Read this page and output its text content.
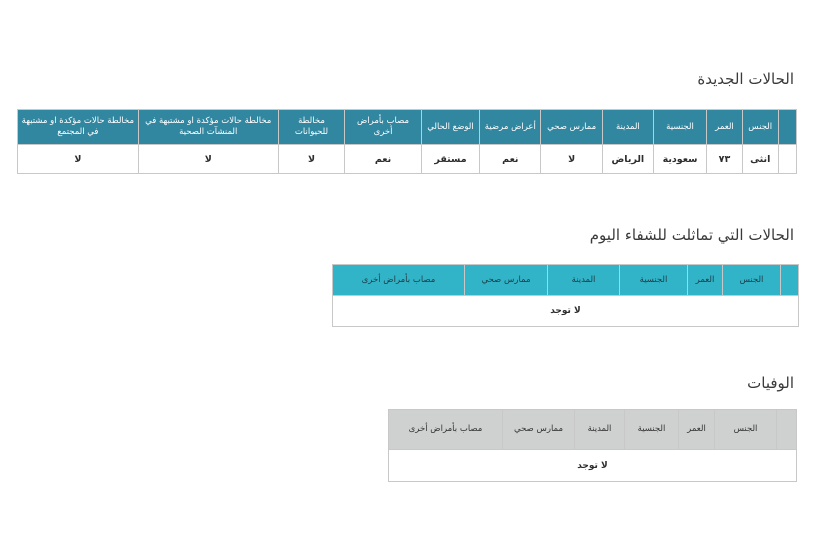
الحالات الجديدة
	الجنس	العمر	الجنسية	المدينة	ممارس صحي	أعراض مرضية	الوضع الحالي	مصاب بأمراض أخرى	مخالطة للحيوانات	مخالطة حالات مؤكدة او مشتبهة في المنشآت الصحية	مخالطة حالات مؤكدة او مشتبهة في المجتمع
	انثى	٧٣	سعودية	الرياض	لا	نعم	مستقر	نعم	لا	لا	لا
الحالات التي تماثلت للشفاء اليوم
	الجنس	العمر	الجنسية	المدينة	ممارس صحي	مصاب بأمراض أخرى
لا توجد
الوفيات
	الجنس	العمر	الجنسية	المدينة	ممارس صحي	مصاب بأمراض أخرى
لا توجد
